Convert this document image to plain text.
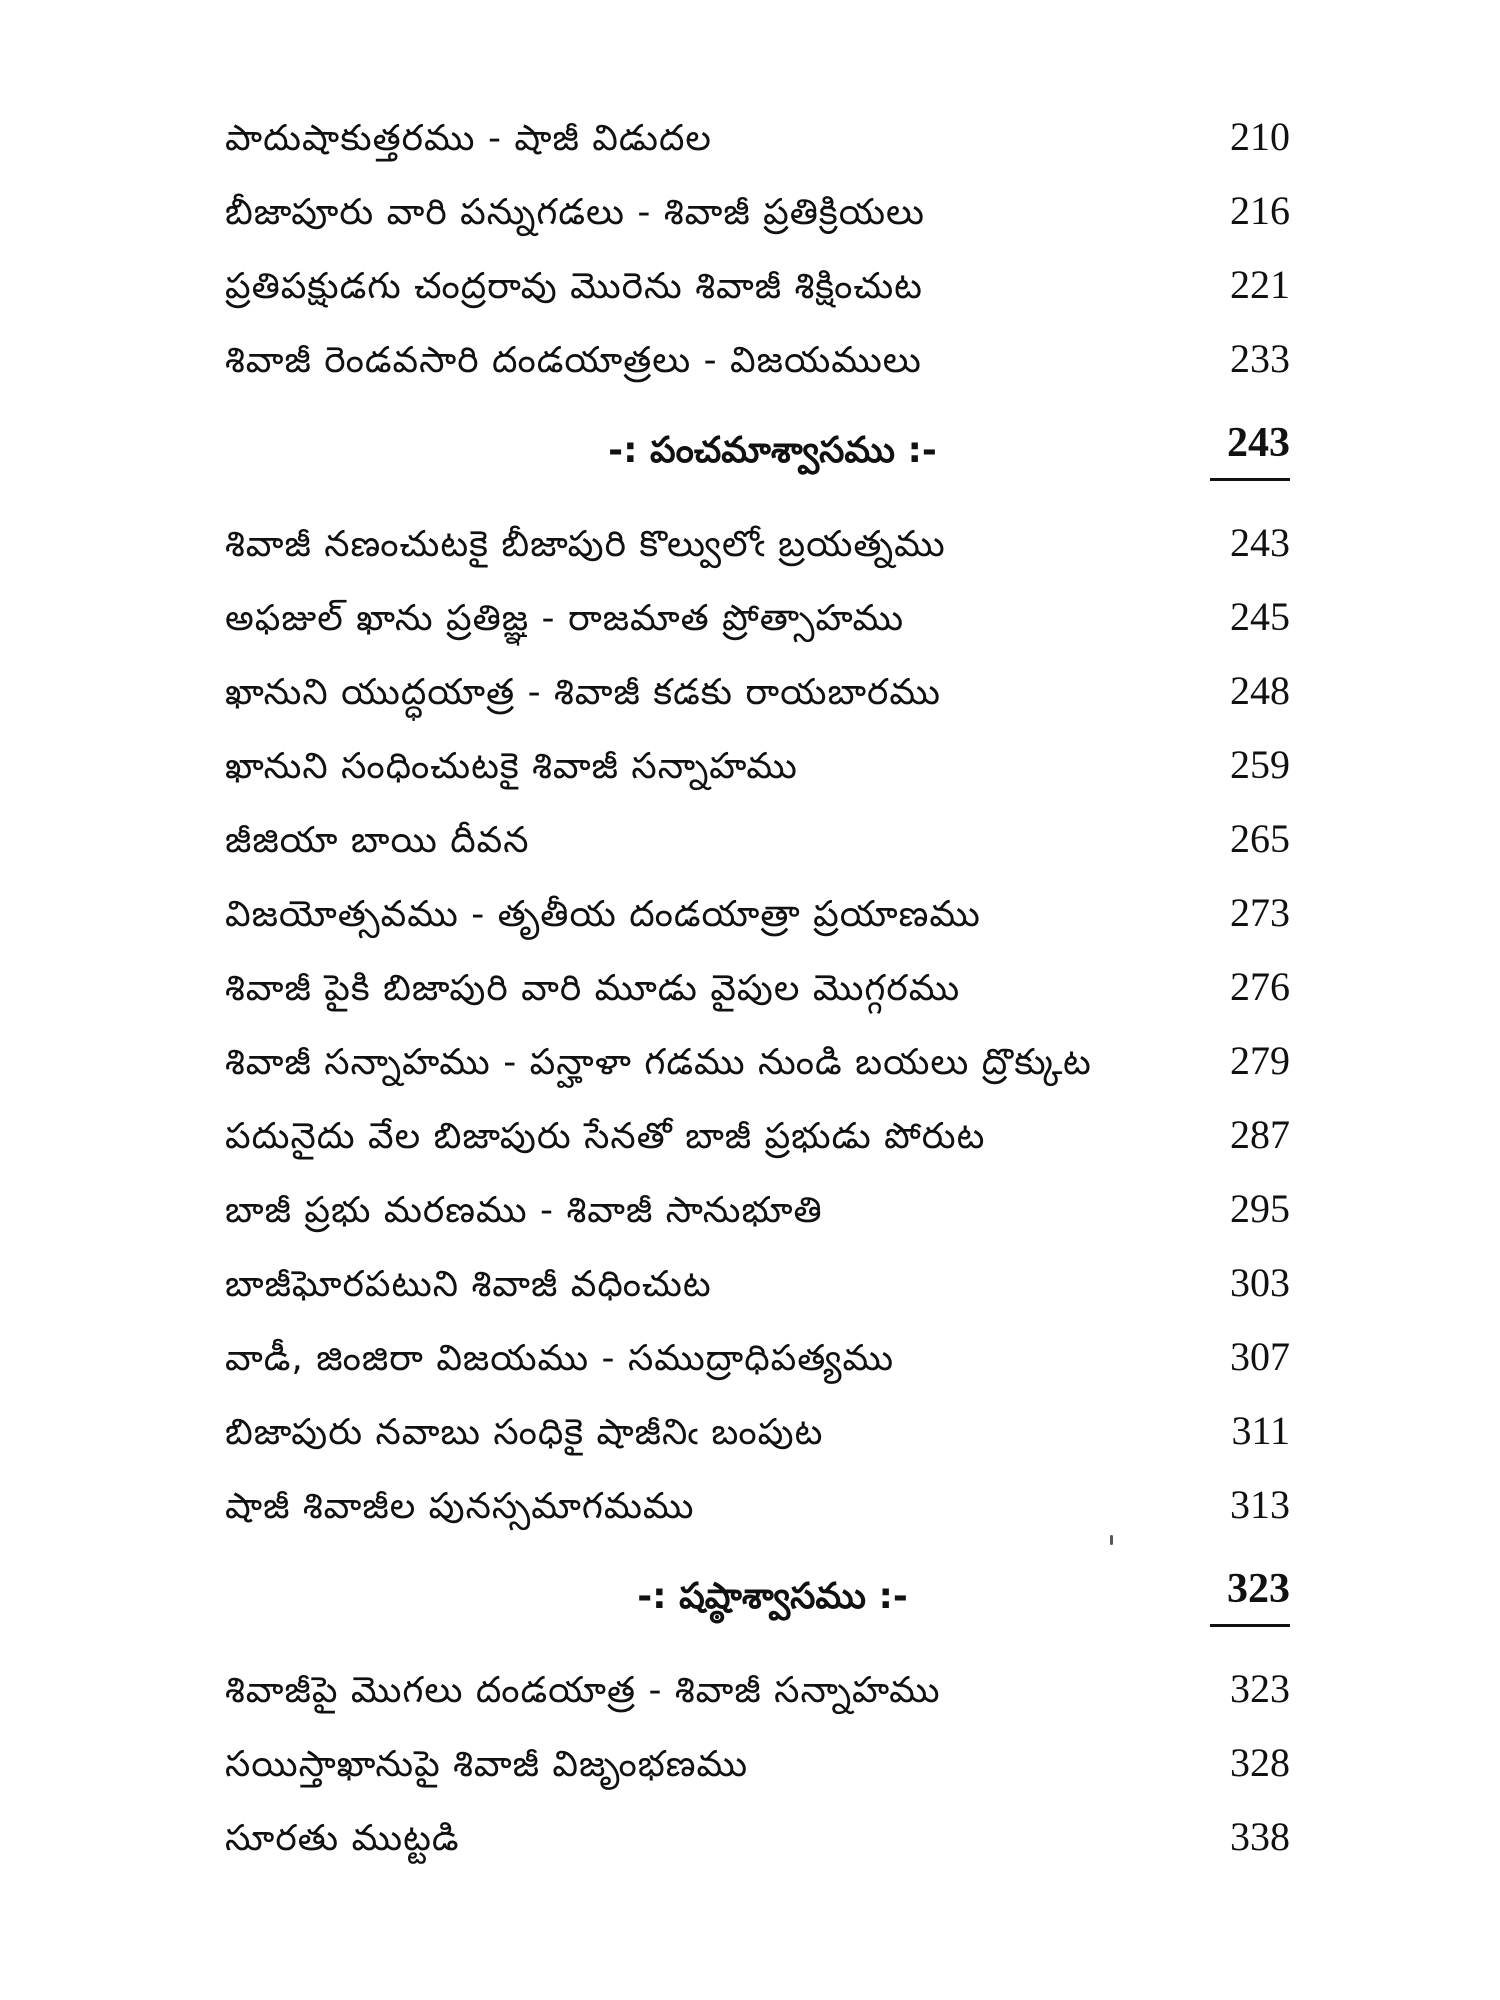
పాదుషాకుత్తరము - షాజీ విడుదల	210
బీజాపూరు వారి పన్నుగడలు - శివాజీ ప్రతిక్రియలు	216
ప్రతిపక్షుడగు చంద్రరావు మొరెను శివాజీ శిక్షించుట	221
శివాజీ రెండవసారి దండయాత్రలు - విజయములు	233
-: పంచమాశ్వాసము :-	243
శివాజీ నణంచుటకై బీజాపురి కొల్వులోఁ బ్రయత్నము	243
అఫజుల్ ఖాను ప్రతిజ్ఞ - రాజమాత ప్రోత్సాహము	245
ఖానుని యుద్ధయాత్ర - శివాజీ కడకు రాయబారము	248
ఖానుని సంధించుటకై శివాజీ సన్నాహము	259
జీజియా బాయి దీవన	265
విజయోత్సవము - తృతీయ దండయాత్రా ప్రయాణము	273
శివాజీ పైకి బిజాపురి వారి మూడు వైపుల మొగ్గరము	276
శివాజీ సన్నాహము - పన్హాళా గడము నుండి బయలు ద్రొక్కుట	279
పదునైదు వేల బిజాపురు సేనతో బాజీ ప్రభుడు పోరుట	287
బాజీ ప్రభు మరణము - శివాజీ సానుభూతి	295
బాజీఘోరపటుని శివాజీ వధించుట	303
వాడీ, జింజిరా విజయము - సముద్రాధిపత్యము	307
బిజాపురు నవాబు సంధికై షాజీనిఁ బంపుట	311
షాజీ శివాజీల పునస్సమాగమము	313
-: షష్ఠాశ్వాసము :-	323
శివాజీపై మొగలు దండయాత్ర - శివాజీ సన్నాహము	323
సయిస్తాఖానుపై శివాజీ విజృంభణము	328
సూరతు ముట్టడి	338
